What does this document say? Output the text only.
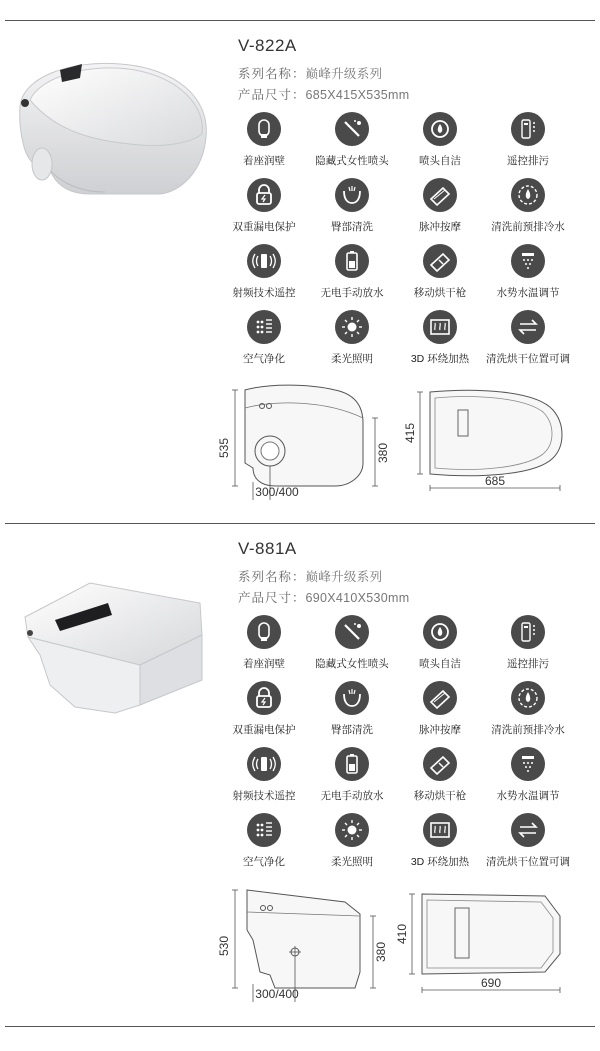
V-822A
系列名称：巅峰升级系列
产品尺寸：685X415X535mm
着座润壁	隐藏式女性喷头	喷头自洁	遥控排污
双重漏电保护	臀部清洗	脉冲按摩	清洗前预排冷水
射频技术遥控	无电手动放水	移动烘干枪	水势水温调节
空气净化	柔光照明	3D 环绕加热	清洗烘干位置可调
535	380
300/400
415
685
V-881A
系列名称：巅峰升级系列
产品尺寸：690X410X530mm
着座润壁	隐藏式女性喷头	喷头自洁	遥控排污
双重漏电保护	臀部清洗	脉冲按摩	清洗前预排冷水
射频技术遥控	无电手动放水	移动烘干枪	水势水温调节
空气净化	柔光照明	3D 环绕加热	清洗烘干位置可调
530	380
300/400
410
690
